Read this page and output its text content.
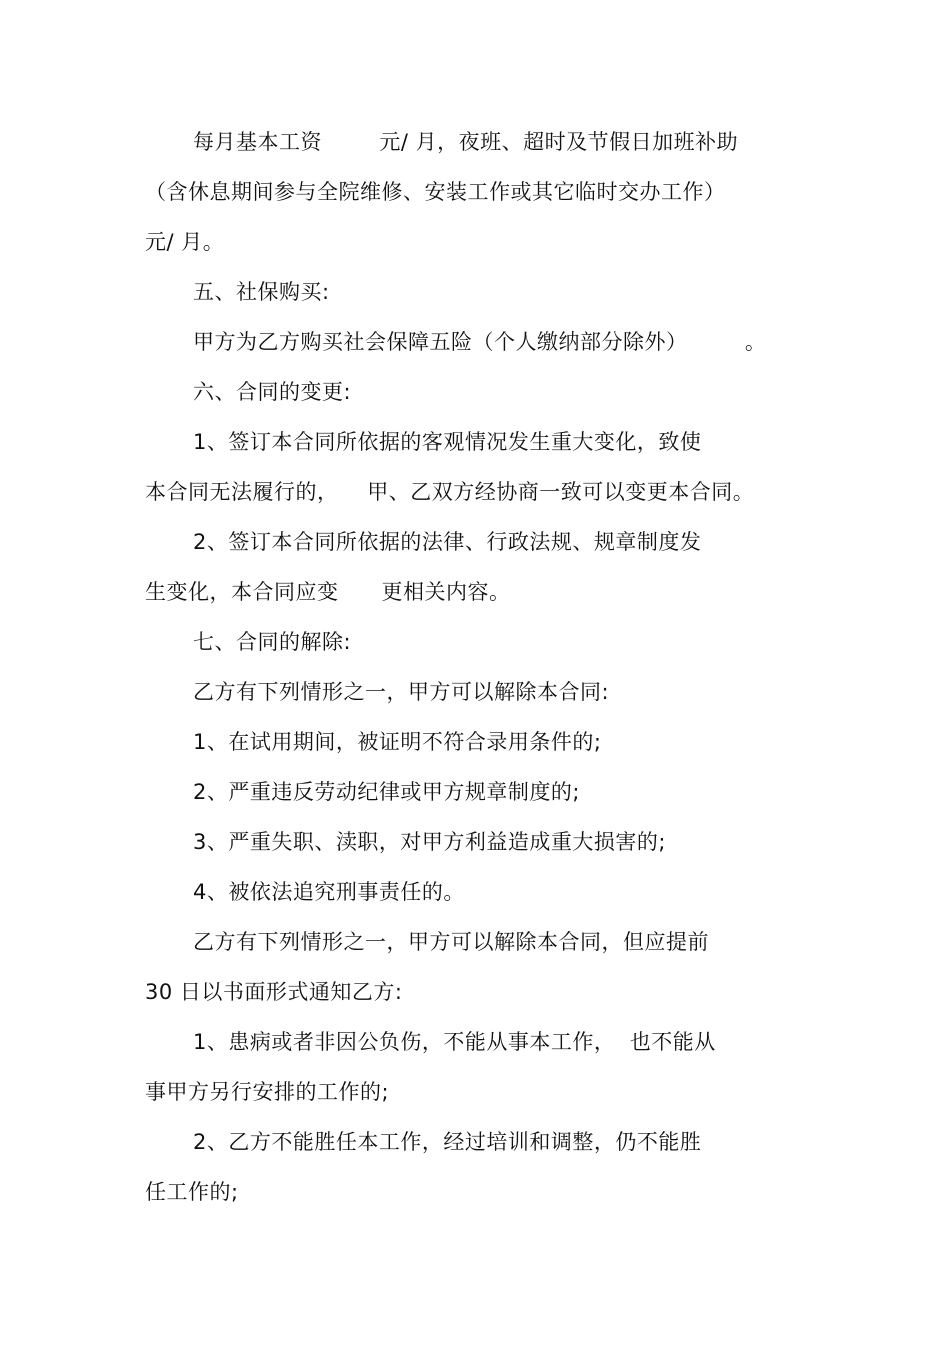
每月基本工资        元/ 月，夜班、超时及节假日加班补助
（含休息期间参与全院维修、安装工作或其它临时交办工作）
元/ 月。
五、社保购买:
甲方为乙方购买社会保障五险（个人缴纳部分除外）        。
六、合同的变更:
1、签订本合同所依据的客观情况发生重大变化，致使
本合同无法履行的，    甲、乙双方经协商一致可以变更本合同。
2、签订本合同所依据的法律、行政法规、规章制度发
生变化，本合同应变      更相关内容。
七、合同的解除:
乙方有下列情形之一，甲方可以解除本合同:
1、在试用期间，被证明不符合录用条件的;
2、严重违反劳动纪律或甲方规章制度的;
3、严重失职、渎职，对甲方利益造成重大损害的;
4、被依法追究刑事责任的。
乙方有下列情形之一，甲方可以解除本合同，但应提前
30 日以书面形式通知乙方:
1、患病或者非因公负伤，不能从事本工作，  也不能从
事甲方另行安排的工作的;
2、乙方不能胜任本工作，经过培训和调整，仍不能胜
任工作的;
